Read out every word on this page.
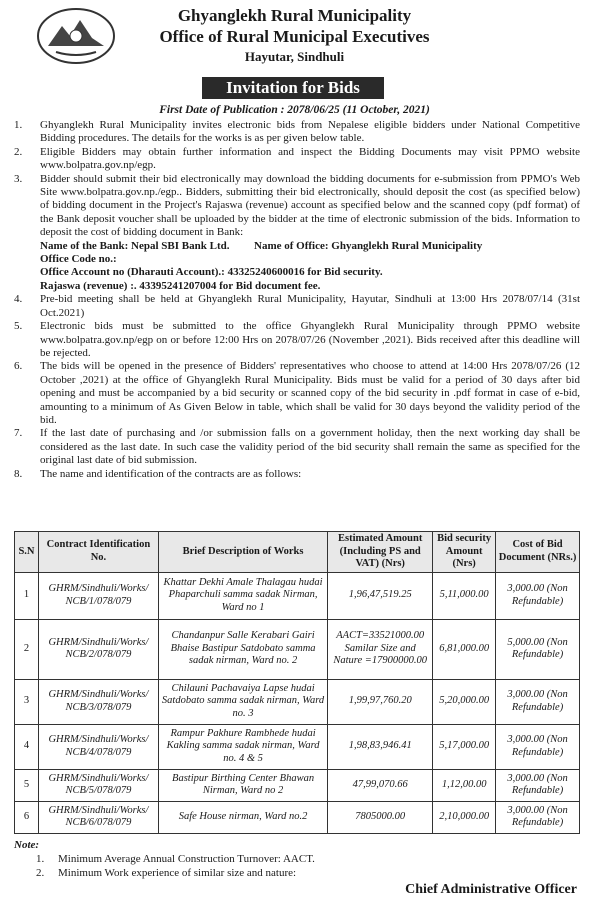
Ghyanglekh Rural Municipality
Office of Rural Municipal Executives
Hayutar, Sindhuli
Invitation for Bids
First Date of Publication : 2078/06/25 (11 October, 2021)
1.	Ghyanglekh Rural Municipality invites electronic bids from Nepalese eligible bidders under National Competitive Bidding procedures. The details for the works is as per given below table.
2.	Eligible Bidders may obtain further information and inspect the Bidding Documents may visit PPMO website www.bolpatra.gov.np/egp.
3.	Bidder should submit their bid electronically may download the bidding documents for e-submission from PPMO's Web Site www.bolpatra.gov.np./egp.. Bidders, submitting their bid electronically, should deposit the cost (as specified below) of bidding document in the Project's Rajaswa (revenue) account as specified below and the scanned copy (pdf format) of the Bank deposit voucher shall be uploaded by the bidder at the time of electronic submission of the bids. Information to deposit the cost of bidding document in Bank:
Name of the Bank: Nepal SBI Bank Ltd. Name of Office: Ghyanglekh Rural Municipality
Office Code no.:Office Account no (Dharauti Account).: 43325240600016 for Bid security.
Rajaswa (revenue) :. 43395241207004 for Bid document fee.
4.	Pre-bid meeting shall be held at Ghyanglekh Rural Municipality, Hayutar, Sindhuli at 13:00 Hrs 2078/07/14 (31st Oct.2021)
5.	Electronic bids must be submitted to the office Ghyanglekh Rural Municipality through PPMO website www.bolpatra.gov.np/egp on or before 12:00 Hrs on 2078/07/26 (November ,2021). Bids received after this deadline will be rejected.
6.	The bids will be opened in the presence of Bidders' representatives who choose to attend at 14:00 Hrs 2078/07/26 (12 October ,2021) at the office of Ghyanglekh Rural Municipality. Bids must be valid for a period of 30 days after bid opening and must be accompanied by a bid security or scanned copy of the bid security in .pdf format in case of e-bid, amounting to a minimum of As Given Below in table, which shall be valid for 30 days beyond the validity period of the bid.
7.	If the last date of purchasing and /or submission falls on a government holiday, then the next working day shall be considered as the last date. In such case the validity period of the bid security shall remain the same as specified for the original last date of bid submission.
8.	The name and identification of the contracts are as follows:
S.N	Contract Identification No.	Brief Description of Works	Estimated Amount (Including PS and VAT) (Nrs)	Bid security Amount (Nrs)	Cost of Bid Document (NRs.)
1	GHRM/Sindhuli/Works/ NCB/1/078/079	Khattar Dekhi Amale Thalagau hudai Phaparchuli samma sadak Nirman, Ward no 1	1,96,47,519.25	5,11,000.00	3,000.00 (Non Refundable)
2	GHRM/Sindhuli/Works/ NCB/2/078/079	Chandanpur Salle Kerabari Gairi Bhaise Bastipur Satdobato samma sadak nirman, Ward no. 2	AACT=33521000.00 Samilar Size and Nature =17900000.00	6,81,000.00	5,000.00 (Non Refundable)
3	GHRM/Sindhuli/Works/ NCB/3/078/079	Chilauni Pachavaiya Lapse hudai Satdobato samma sadak nirman, Ward no. 3	1,99,97,760.20	5,20,000.00	3,000.00 (Non Refundable)
4	GHRM/Sindhuli/Works/ NCB/4/078/079	Rampur Pakhure Rambhede hudai Kakling samma sadak nirman, Ward no. 4 & 5	1,98,83,946.41	5,17,000.00	3,000.00 (Non Refundable)
5	GHRM/Sindhuli/Works/ NCB/5/078/079	Bastipur Birthing Center Bhawan Nirman, Ward no 2	47,99,070.66	1,12,00.00	3,000.00 (Non Refundable)
6	GHRM/Sindhuli/Works/ NCB/6/078/079	Safe House nirman, Ward no.2	7805000.00	2,10,000.00	3,000.00 (Non Refundable)
Note:
1. Minimum Average Annual Construction Turnover: AACT.
2. Minimum Work experience of similar size and nature:
Chief Administrative Officer
